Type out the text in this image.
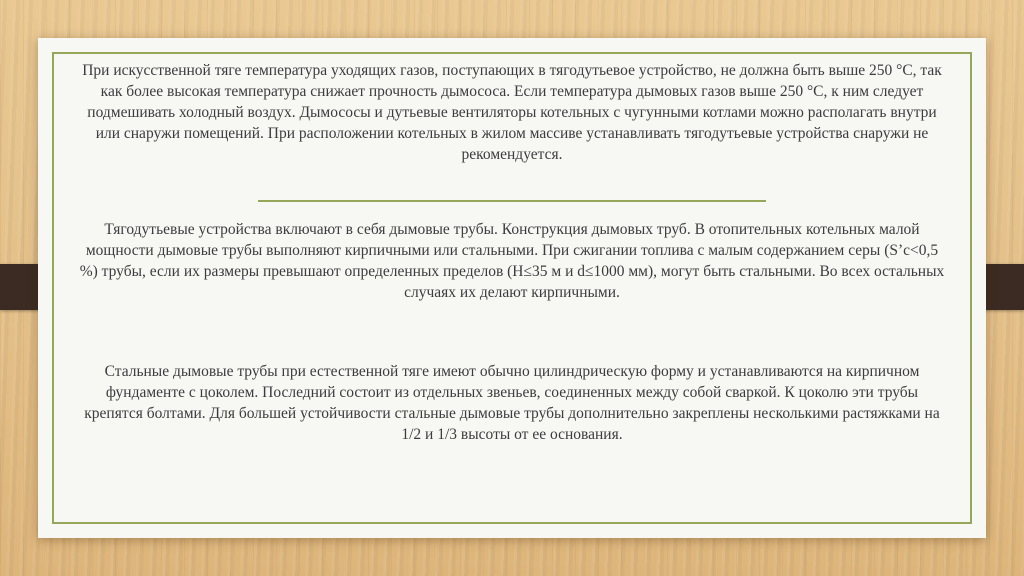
При искусственной тяге температура уходящих газов, поступающих в тягодутьевое устройство, не должна быть выше 250 °С, так как более высокая температура снижает прочность дымососа. Если температура дымовых газов выше 250 °С, к ним следует подмешивать холодный воздух. Дымососы и дутьевые вентиляторы котельных с чугунными котлами можно располагать внутри или снаружи помещений. При расположении котельных в жилом массиве устанавливать тягодутьевые устройства снаружи не рекомендуется.
Тягодутьевые устройства включают в себя дымовые трубы. Конструкция дымовых труб. В отопительных котельных малой мощности дымовые трубы выполняют кирпичными или стальными. При сжигании топлива с малым содержанием серы (S’c<0,5 %) трубы, если их размеры превышают определенных пределов (H≤35 м и d≤1000 мм), могут быть стальными. Во всех остальных случаях их делают кирпичными.
Стальные дымовые трубы при естественной тяге имеют обычно цилиндрическую форму и устанавливаются на кирпичном фундаменте с цоколем. Последний состоит из отдельных звеньев, соединенных между собой сваркой. К цоколю эти трубы крепятся болтами. Для большей устойчивости стальные дымовые трубы дополнительно закреплены несколькими растяжками на 1/2 и 1/3 высоты от ее основания.
